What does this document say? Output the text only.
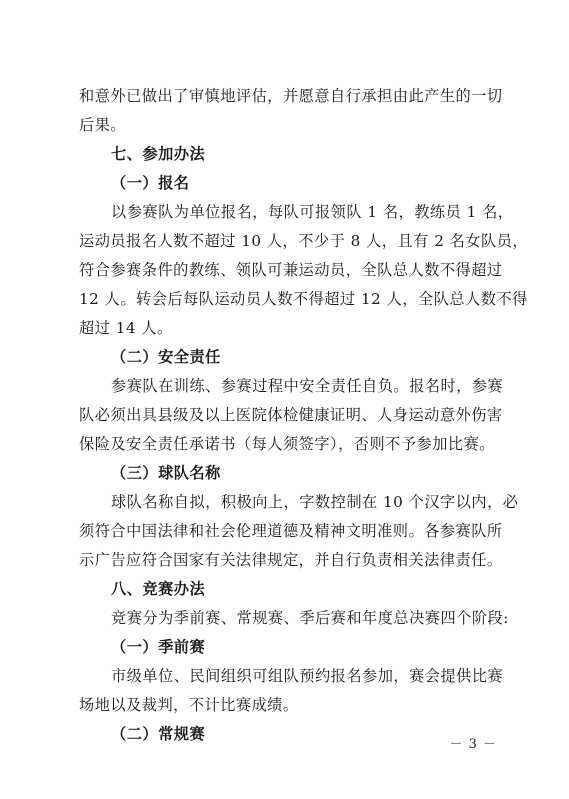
和意外已做出了审慎地评估，并愿意自行承担由此产生的一切
后果。
七、参加办法
（一）报名
以参赛队为单位报名，每队可报领队 1 名，教练员 1 名，
运动员报名人数不超过 10 人，不少于 8 人，且有 2 名女队员，
符合参赛条件的教练、领队可兼运动员，全队总人数不得超过
12 人。转会后每队运动员人数不得超过 12 人，全队总人数不得
超过 14 人。
（二）安全责任
参赛队在训练、参赛过程中安全责任自负。报名时，参赛
队必须出具县级及以上医院体检健康证明、人身运动意外伤害
保险及安全责任承诺书（每人须签字），否则不予参加比赛。
（三）球队名称
球队名称自拟，积极向上，字数控制在 10 个汉字以内，必
须符合中国法律和社会伦理道德及精神文明准则。各参赛队所
示广告应符合国家有关法律规定，并自行负责相关法律责任。
八、竞赛办法
竞赛分为季前赛、常规赛、季后赛和年度总决赛四个阶段:
（一）季前赛
市级单位、民间组织可组队预约报名参加，赛会提供比赛
场地以及裁判，不计比赛成绩。
（二）常规赛
－ 3 －
